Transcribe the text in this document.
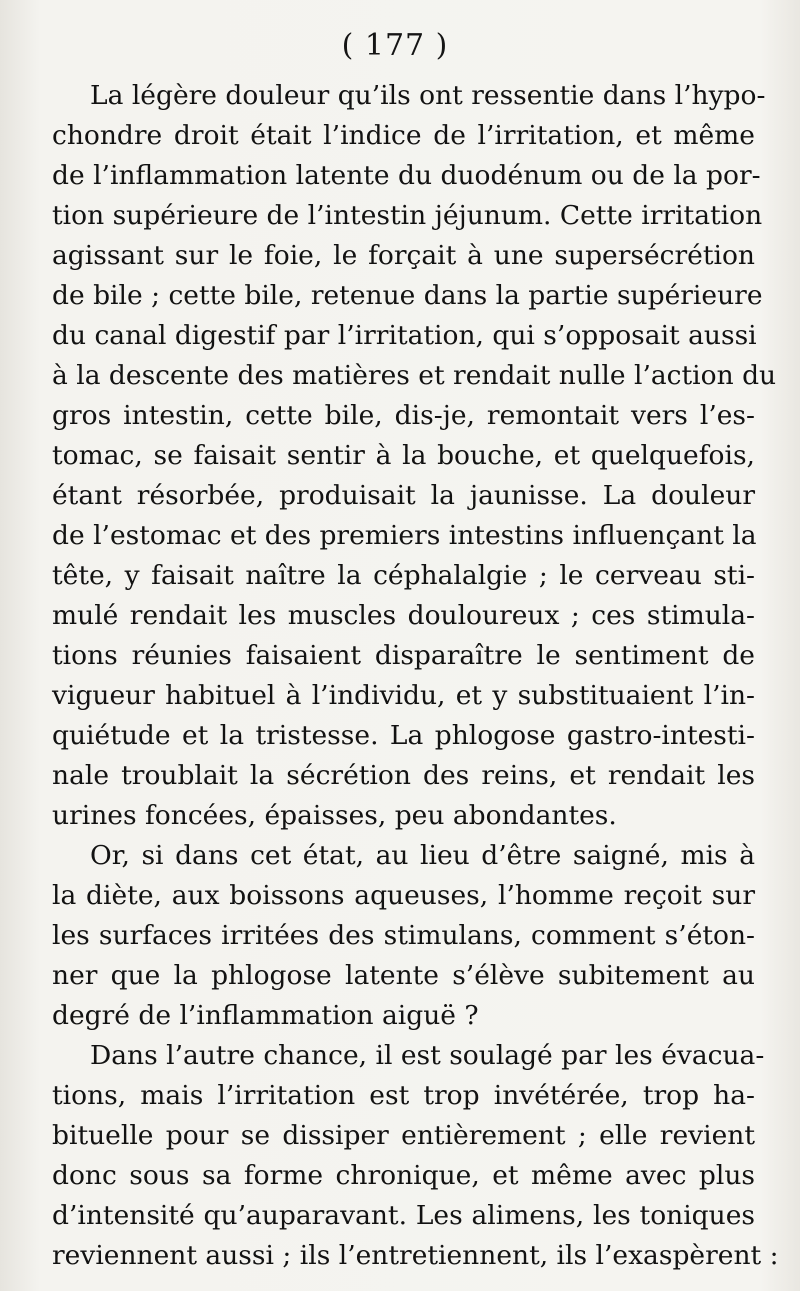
( 177 )
La légère douleur qu’ils ont ressentie dans l’hypo-
chondre droit était l’indice de l’irritation, et même
de l’inflammation latente du duodénum ou de la por-
tion supérieure de l’intestin jéjunum. Cette irritation
agissant sur le foie, le forçait à une supersécrétion
de bile ; cette bile, retenue dans la partie supérieure
du canal digestif par l’irritation, qui s’opposait aussi
à la descente des matières et rendait nulle l’action du
gros intestin, cette bile, dis-je, remontait vers l’es-
tomac, se faisait sentir à la bouche, et quelquefois,
étant résorbée, produisait la jaunisse. La douleur
de l’estomac et des premiers intestins influençant la
tête, y faisait naître la céphalalgie ; le cerveau sti-
mulé rendait les muscles douloureux ; ces stimula-
tions réunies faisaient disparaître le sentiment de
vigueur habituel à l’individu, et y substituaient l’in-
quiétude et la tristesse. La phlogose gastro-intesti-
nale troublait la sécrétion des reins, et rendait les
urines foncées, épaisses, peu abondantes.
Or, si dans cet état, au lieu d’être saigné, mis à
la diète, aux boissons aqueuses, l’homme reçoit sur
les surfaces irritées des stimulans, comment s’éton-
ner que la phlogose latente s’élève subitement au
degré de l’inflammation aiguë ?
Dans l’autre chance, il est soulagé par les évacua-
tions, mais l’irritation est trop invétérée, trop ha-
bituelle pour se dissiper entièrement ; elle revient
donc sous sa forme chronique, et même avec plus
d’intensité qu’auparavant. Les alimens, les toniques
reviennent aussi ; ils l’entretiennent, ils l’exaspèrent :
